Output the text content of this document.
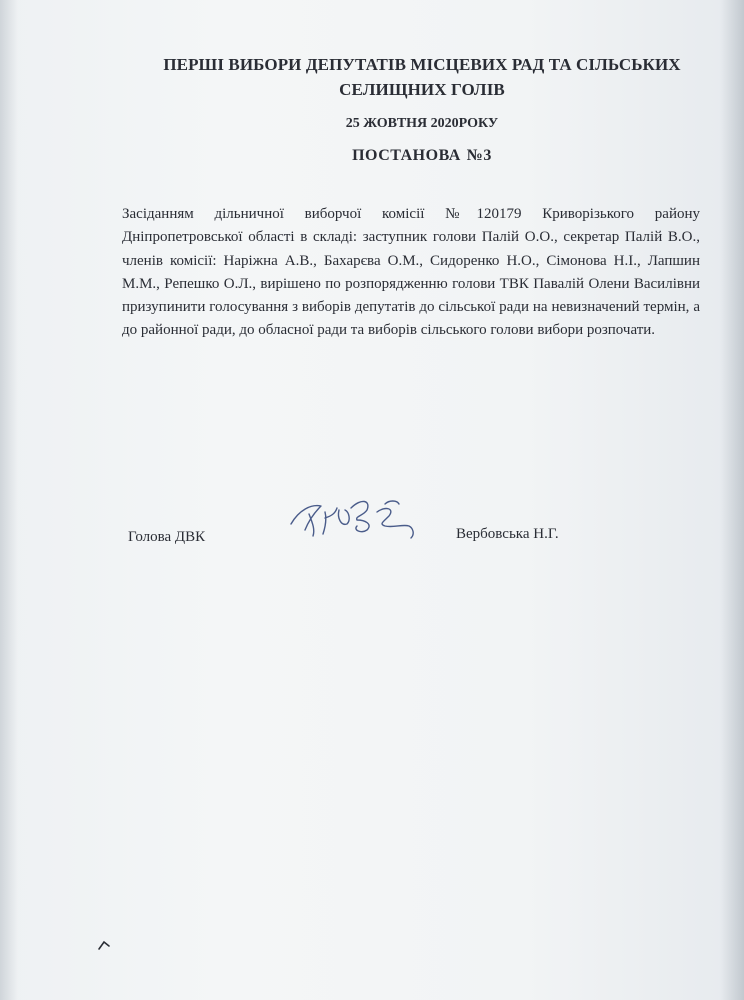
ПЕРШІ ВИБОРИ ДЕПУТАТІВ МІСЦЕВИХ РАД ТА СІЛЬСЬКИХ
СЕЛИЩНИХ ГОЛІВ
25 ЖОВТНЯ 2020РОКУ
ПОСТАНОВА №3
Засіданням дільничної виборчої комісії №120179 Криворізького району Дніпропетровської області в складі: заступник голови Палій О.О., секретар Палій В.О., членів комісії: Наріжна А.В., Бахарєва О.М., Сидоренко Н.О., Сімонова Н.І., Лапшин М.М., Репешко О.Л., вирішено по розпорядженню голови ТВК Павалій Олени Василівни призупинити голосування з виборів депутатів до сільської ради на невизначений термін, а до районної ради, до обласної ради та виборів сільського голови вибори розпочати.
Голова ДВК	Вербовська Н.Г.
